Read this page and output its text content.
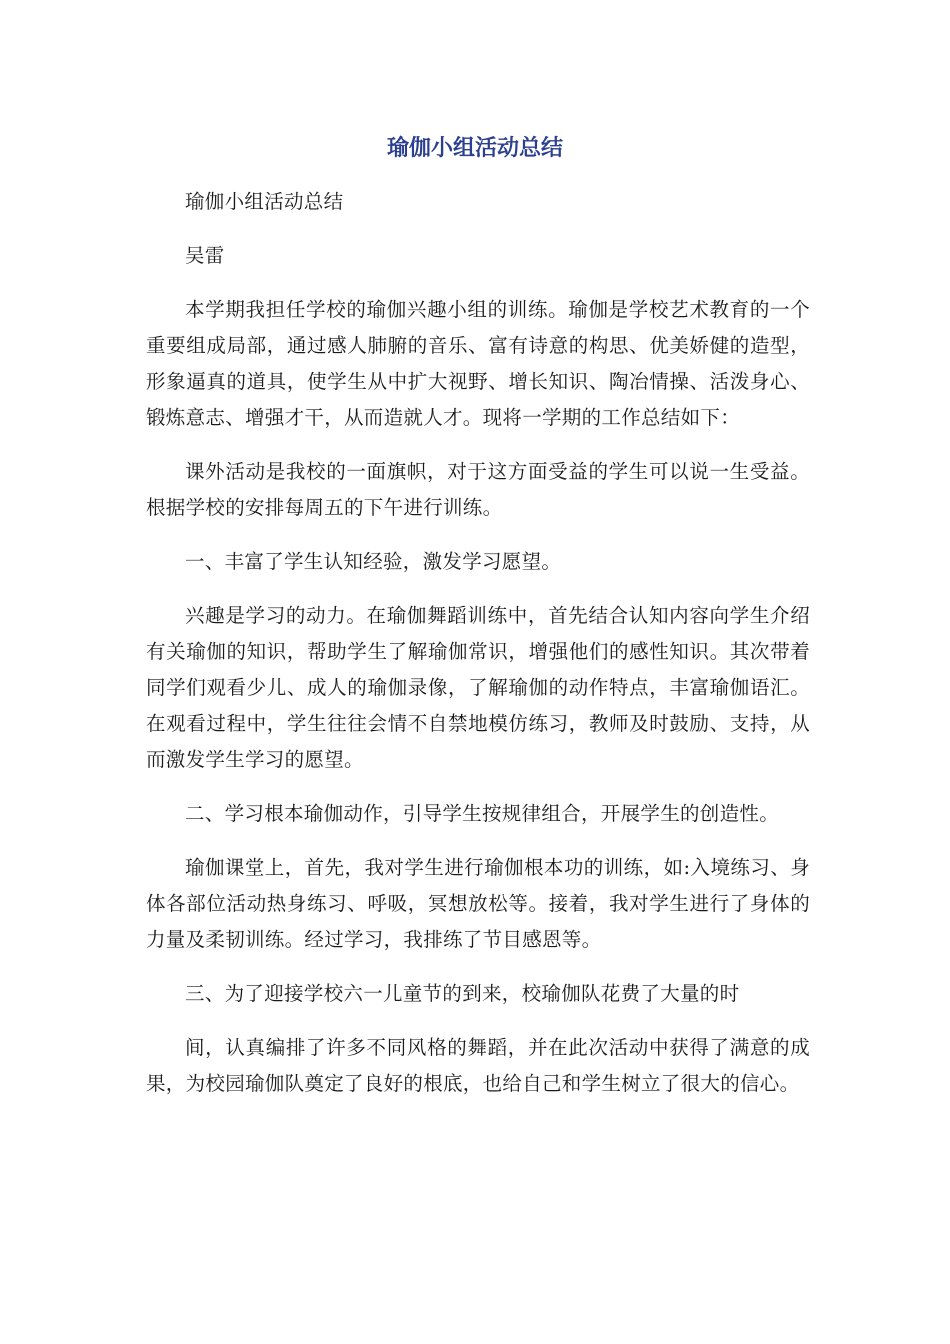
瑜伽小组活动总结

瑜伽小组活动总结

吴雷

本学期我担任学校的瑜伽兴趣小组的训练。瑜伽是学校艺术教育的一个重要组成局部，通过感人肺腑的音乐、富有诗意的构思、优美娇健的造型，形象逼真的道具，使学生从中扩大视野、增长知识、陶冶情操、活泼身心、锻炼意志、增强才干，从而造就人才。现将一学期的工作总结如下：

课外活动是我校的一面旗帜，对于这方面受益的学生可以说一生受益。根据学校的安排每周五的下午进行训练。

一、丰富了学生认知经验，激发学习愿望。

兴趣是学习的动力。在瑜伽舞蹈训练中，首先结合认知内容向学生介绍有关瑜伽的知识，帮助学生了解瑜伽常识，增强他们的感性知识。其次带着同学们观看少儿、成人的瑜伽录像，了解瑜伽的动作特点，丰富瑜伽语汇。在观看过程中，学生往往会情不自禁地模仿练习，教师及时鼓励、支持，从而激发学生学习的愿望。

二、学习根本瑜伽动作，引导学生按规律组合，开展学生的创造性。

瑜伽课堂上，首先，我对学生进行瑜伽根本功的训练，如:入境练习、身体各部位活动热身练习、呼吸，冥想放松等。接着，我对学生进行了身体的力量及柔韧训练。经过学习，我排练了节目感恩等。

三、为了迎接学校六一儿童节的到来，校瑜伽队花费了大量的时

间，认真编排了许多不同风格的舞蹈，并在此次活动中获得了满意的成果，为校园瑜伽队奠定了良好的根底，也给自己和学生树立了很大的信心。
